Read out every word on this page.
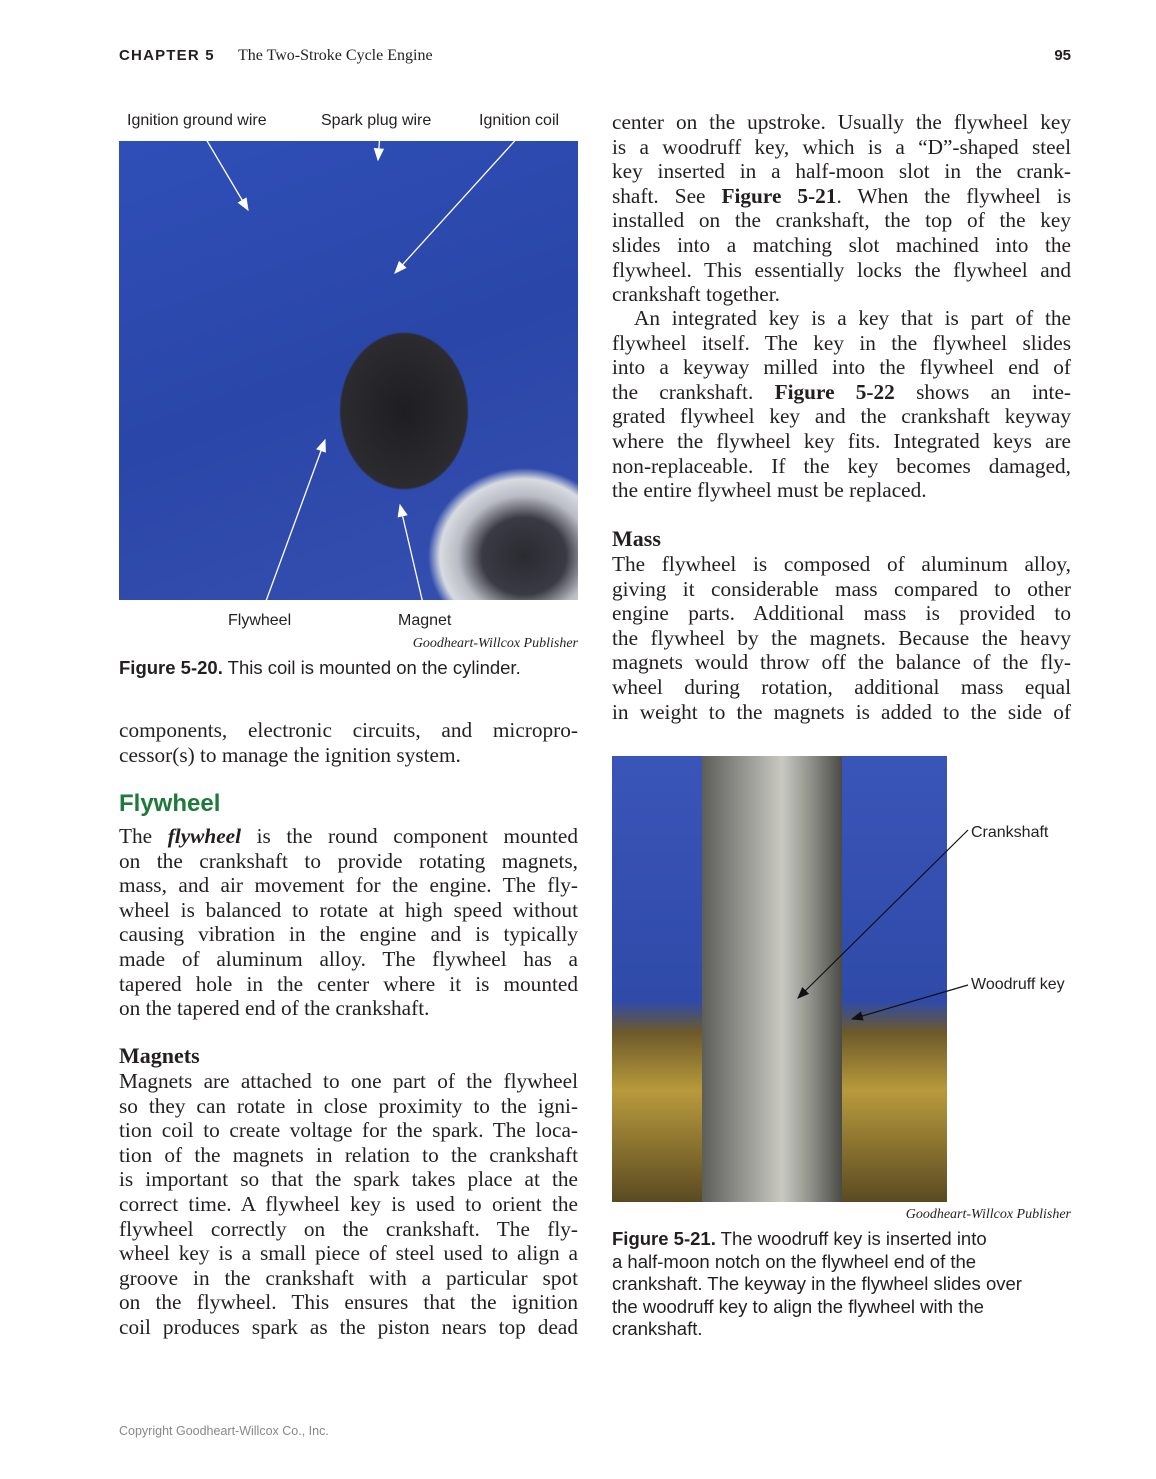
CHAPTER 5 The Two-Stroke Cycle Engine	95
Ignition ground wire	Spark plug wire	Ignition coil
Flywheel	Magnet
Goodheart-Willcox Publisher
Figure 5-20. This coil is mounted on the cylinder.
Crankshaft
Woodruff key
Goodheart-Willcox Publisher
Figure 5-21. The woodruff key is inserted into
a half-moon notch on the flywheel end of the
crankshaft. The keyway in the flywheel slides over
the woodruff key to align the flywheel with the
crankshaft.
components, electronic circuits, and micropro-
cessor(s) to manage the ignition system.
Flywheel
The flywheel is the round component mounted
on the crankshaft to provide rotating magnets,
mass, and air movement for the engine. The fly-
wheel is balanced to rotate at high speed without
causing vibration in the engine and is typically
made of aluminum alloy. The flywheel has a
tapered hole in the center where it is mounted
on the tapered end of the crankshaft.
Magnets
Magnets are attached to one part of the flywheel
so they can rotate in close proximity to the igni-
tion coil to create voltage for the spark. The loca-
tion of the magnets in relation to the crankshaft
is important so that the spark takes place at the
correct time. A flywheel key is used to orient the
flywheel correctly on the crankshaft. The fly-
wheel key is a small piece of steel used to align a
groove in the crankshaft with a particular spot
on the flywheel. This ensures that the ignition
coil produces spark as the piston nears top dead
center on the upstroke. Usually the flywheel key
is a woodruff key, which is a “D”-shaped steel
key inserted in a half-moon slot in the crank-
shaft. See Figure 5-21. When the flywheel is
installed on the crankshaft, the top of the key
slides into a matching slot machined into the
flywheel. This essentially locks the flywheel and
crankshaft together.
An integrated key is a key that is part of the
flywheel itself. The key in the flywheel slides
into a keyway milled into the flywheel end of
the crankshaft. Figure 5-22 shows an inte-
grated flywheel key and the crankshaft keyway
where the flywheel key fits. Integrated keys are
non-replaceable. If the key becomes damaged,
the entire flywheel must be replaced.
Mass
The flywheel is composed of aluminum alloy,
giving it considerable mass compared to other
engine parts. Additional mass is provided to
the flywheel by the magnets. Because the heavy
magnets would throw off the balance of the fly-
wheel during rotation, additional mass equal
in weight to the magnets is added to the side of
Copyright Goodheart-Willcox Co., Inc.
